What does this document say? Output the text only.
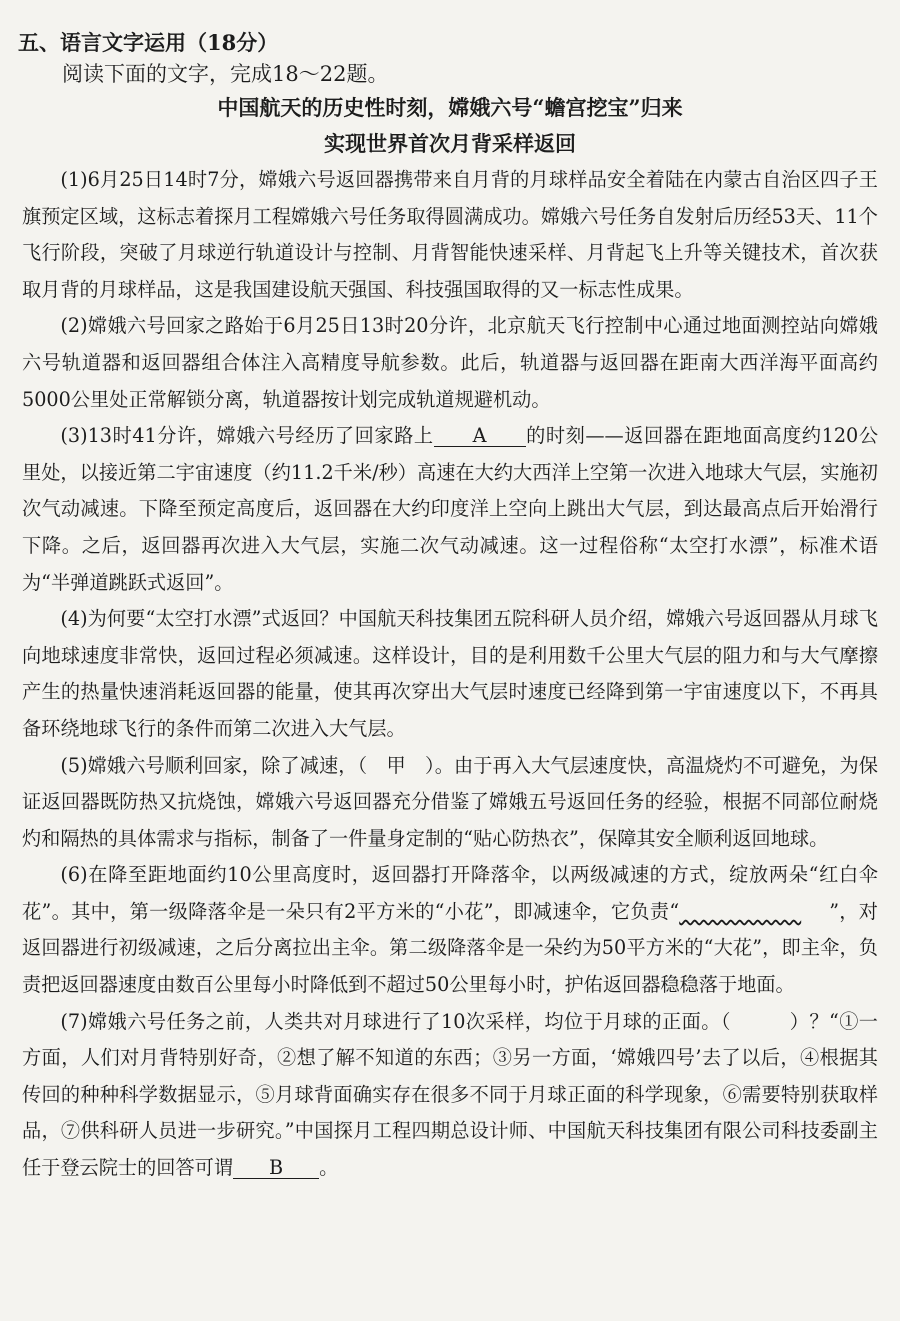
五、语言文字运用（18分）
阅读下面的文字，完成18～22题。
中国航天的历史性时刻，嫦娥六号“蟾宫挖宝”归来
实现世界首次月背采样返回

(1)6月25日14时7分，嫦娥六号返回器携带来自月背的月球样品安全着陆在内蒙古自治区四子王旗预定区域，这标志着探月工程嫦娥六号任务取得圆满成功。嫦娥六号任务自发射后历经53天、11个飞行阶段，突破了月球逆行轨道设计与控制、月背智能快速采样、月背起飞上升等关键技术，首次获取月背的月球样品，这是我国建设航天强国、科技强国取得的又一标志性成果。

(2)嫦娥六号回家之路始于6月25日13时20分许，北京航天飞行控制中心通过地面测控站向嫦娥六号轨道器和返回器组合体注入高精度导航参数。此后，轨道器与返回器在距南大西洋海平面高约5000公里处正常解锁分离，轨道器按计划完成轨道规避机动。

(3)13时41分许，嫦娥六号经历了回家路上 A 的时刻——返回器在距地面高度约120公里处，以接近第二宇宙速度（约11.2千米/秒）高速在大约大西洋上空第一次进入地球大气层，实施初次气动减速。下降至预定高度后，返回器在大约印度洋上空向上跳出大气层，到达最高点后开始滑行下降。之后，返回器再次进入大气层，实施二次气动减速。这一过程俗称“太空打水漂”，标准术语为“半弹道跳跃式返回”。

(4)为何要“太空打水漂”式返回？中国航天科技集团五院科研人员介绍，嫦娥六号返回器从月球飞向地球速度非常快，返回过程必须减速。这样设计，目的是利用数千公里大气层的阻力和与大气摩擦产生的热量快速消耗返回器的能量，使其再次穿出大气层时速度已经降到第一宇宙速度以下，不再具备环绕地球飞行的条件而第二次进入大气层。

(5)嫦娥六号顺利回家，除了减速，（　甲　）。由于再入大气层速度快，高温烧灼不可避免，为保证返回器既防热又抗烧蚀，嫦娥六号返回器充分借鉴了嫦娥五号返回任务的经验，根据不同部位耐烧灼和隔热的具体需求与指标，制备了一件量身定制的“贴心防热衣”，保障其安全顺利返回地球。

(6)在降至距地面约10公里高度时，返回器打开降落伞，以两级减速的方式，绽放两朵“红白伞花”。其中，第一级降落伞是一朵只有2平方米的“小花”，即减速伞，它负责“	”，对返回器进行初级减速，之后分离拉出主伞。第二级降落伞是一朵约为50平方米的“大花”，即主伞，负责把返回器速度由数百公里每小时降低到不超过50公里每小时，护佑返回器稳稳落于地面。

(7)嫦娥六号任务之前，人类共对月球进行了10次采样，均位于月球的正面。（　　　）？“①一方面，人们对月背特别好奇，②想了解不知道的东西；③另一方面，‘嫦娥四号’去了以后，④根据其传回的种种科学数据显示，⑤月球背面确实存在很多不同于月球正面的科学现象，⑥需要特别获取样品，⑦供科研人员进一步研究。”中国探月工程四期总设计师、中国航天科技集团有限公司科技委副主任于登云院士的回答可谓 B 。
